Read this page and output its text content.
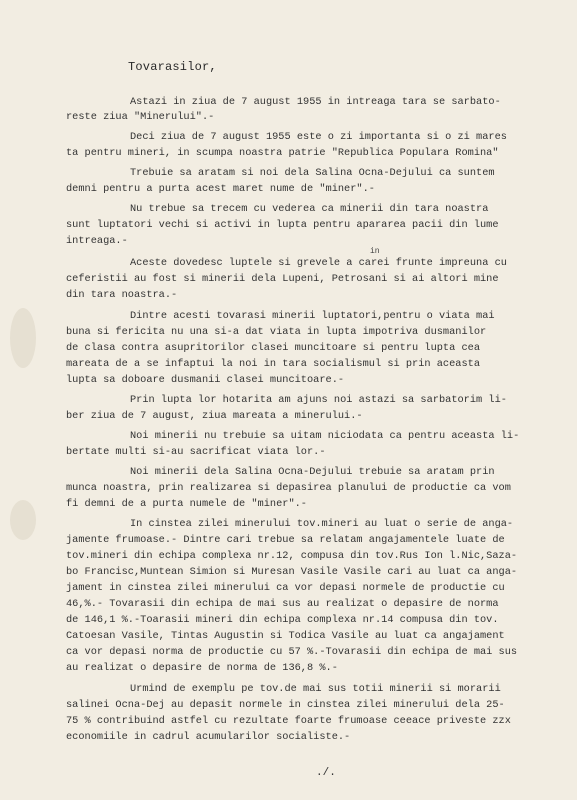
Tovarasilor,
in
Astazi in ziua de 7 august 1955 in intreaga tara se sarbato-
reste ziua "Minerului".-
Deci ziua de 7 august 1955 este o zi importanta si o zi mares
ta pentru mineri, in scumpa noastra patrie "Republica Populara Romina"
Trebuie sa aratam si noi dela Salina Ocna-Dejului ca suntem
demni pentru a purta acest maret nume de "miner".-
Nu trebue sa trecem cu vederea ca minerii din tara noastra
sunt luptatori vechi si activi in lupta pentru apararea pacii din lume
intreaga.-
Aceste dovedesc luptele si grevele a carei frunte impreuna cu
ceferistii au fost si minerii dela Lupeni, Petrosani si ai altori mine
din tara noastra.-
Dintre acesti tovarasi minerii luptatori,pentru o viata mai
buna si fericita nu una si-a dat viata in lupta impotriva dusmanilor
de clasa contra asupritorilor clasei muncitoare si pentru lupta cea
mareata de a se infaptui la noi in tara socialismul si prin aceasta
lupta sa doboare dusmanii clasei muncitoare.-
Prin lupta lor hotarita am ajuns noi astazi sa sarbatorim li-
ber ziua de 7 august, ziua mareata a minerului.-
Noi minerii nu trebuie sa uitam niciodata ca pentru aceasta li-
bertate multi si-au sacrificat viata lor.-
Noi minerii dela Salina Ocna-Dejului trebuie sa aratam prin
munca noastra, prin realizarea si depasirea planului de productie ca vom
fi demni de a purta numele de "miner".-
In cinstea zilei minerului tov.mineri au luat o serie de anga-
jamente frumoase.- Dintre cari trebue sa relatam angajamentele luate de
tov.mineri din echipa complexa nr.12, compusa din tov.Rus Ion l.Nic,Saza-
bo Francisc,Muntean Simion si Muresan Vasile Vasile cari au luat ca anga-
jament in cinstea zilei minerului ca vor depasi normele de productie cu
46,%.- Tovarasii din echipa de mai sus au realizat o depasire de norma
de 146,1 %.-Toarasii mineri din echipa complexa nr.14 compusa din tov.
Catoesan Vasile, Tintas Augustin si Todica Vasile au luat ca angajament
ca vor depasi norma de productie cu 57 %.-Tovarasii din echipa de mai sus
au realizat o depasire de norma de 136,8 %.-
Urmind de exemplu pe tov.de mai sus totii minerii si morarii
salinei Ocna-Dej au depasit normele in cinstea zilei minerului dela 25-
75 % contribuind astfel cu rezultate foarte frumoase ceeace priveste zzx
economiile in cadrul acumularilor socialiste.-
./.
